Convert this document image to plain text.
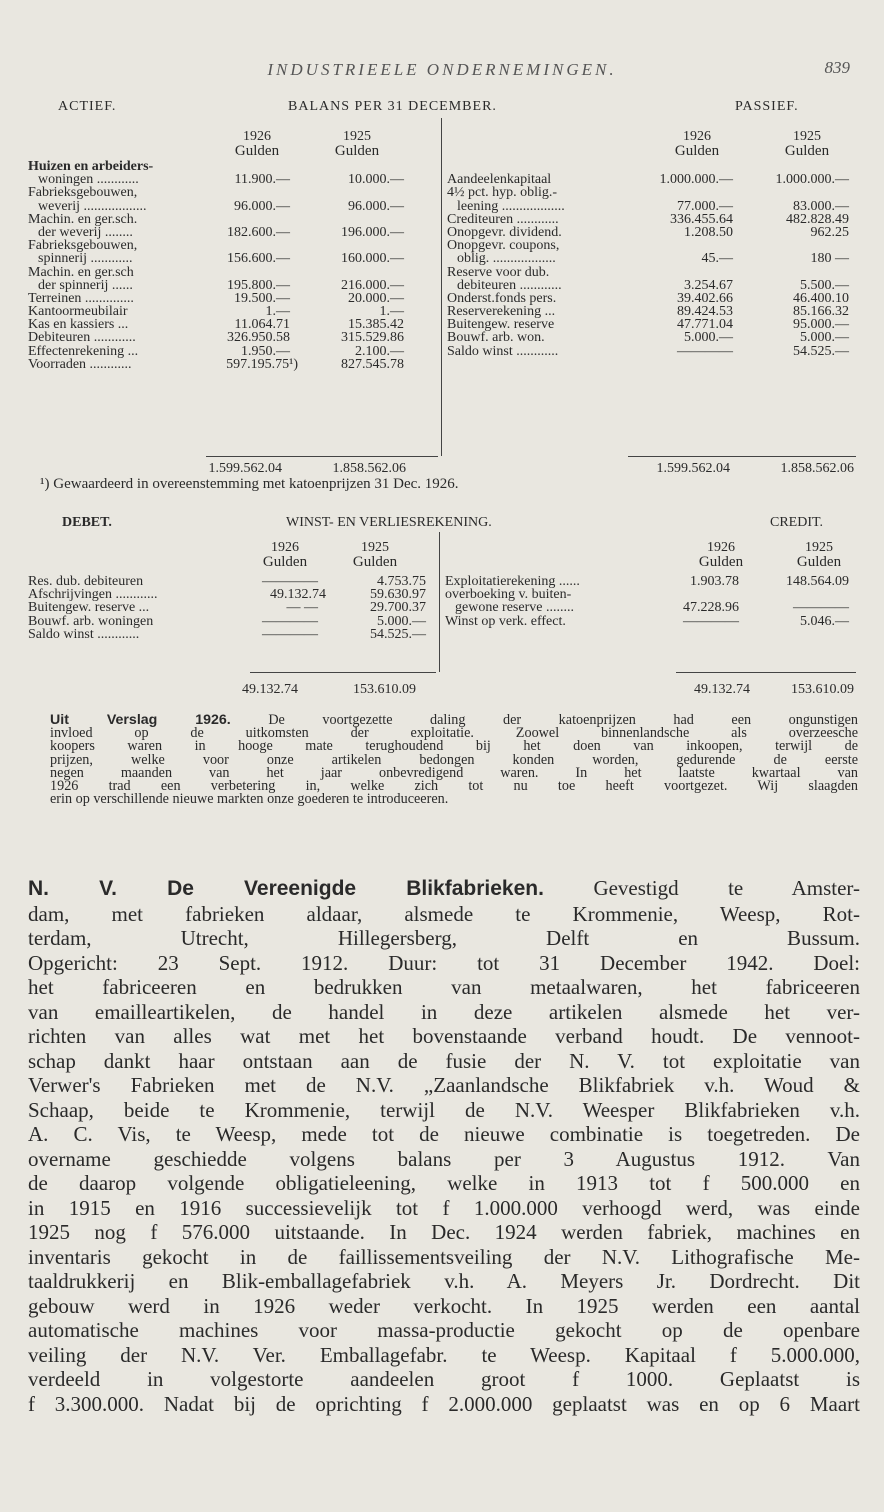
INDUSTRIEELE ONDERNEMINGEN.	839
ACTIEF.	BALANS PER 31 DECEMBER.	PASSIEF.
1926	1925
Gulden	Gulden
1926	1925
Gulden	Gulden
Huizen en arbeiders-
woningen ............	11.900.—	10.000.—
Fabrieksgebouwen,
weverij ..................	96.000.—	96.000.—
Machin. en ger.sch.
der weverij ........	182.600.—	196.000.—
Fabrieksgebouwen,
spinnerij ............	156.600.—	160.000.—
Machin. en ger.sch
der spinnerij ......	195.800.—	216.000.—
Terreinen ..............	19.500.—	20.000.—
Kantoormeubilair	1.—	1.—
Kas en kassiers ...	11.064.71	15.385.42
Debiteuren ............	326.950.58	315.529.86
Effectenrekening ...	1.950.—	2.100.—
Voorraden ............	597.195.75¹)	827.545.78
Aandeelenkapitaal	1.000.000.—	1.000.000.—
4½ pct. hyp. oblig.-
leening ..................	77.000.—	83.000.—
Crediteuren ............	336.455.64	482.828.49
Onopgevr. dividend.	1.208.50	962.25
Onopgevr. coupons,
oblig. ..................	45.—	180 —
Reserve voor dub.
debiteuren ............	3.254.67	5.500.—
Onderst.fonds pers.	39.402.66	46.400.10
Reserverekening ...	89.424.53	85.166.32
Buitengew. reserve	47.771.04	95.000.—
Bouwf. arb. won.	5.000.—	5.000.—
Saldo winst ............	————	54.525.—
1.599.562.04	1.858.562.06	1.599.562.04	1.858.562.06
¹) Gewaardeerd in overeenstemming met katoenprijzen 31 Dec. 1926.
DEBET.	WINST- EN VERLIESREKENING.	CREDIT.
1926	1925
Gulden	Gulden
1926	1925
Gulden	Gulden
Res. dub. debiteuren	————	4.753.75
Afschrijvingen ............	49.132.74	59.630.97
Buitengew. reserve ...	— —	29.700.37
Bouwf. arb. woningen	————	5.000.—
Saldo winst ............	————	54.525.—
Exploitatierekening ......	1.903.78	148.564.09
overboeking v. buiten-
gewone reserve ........	47.228.96	————
Winst op verk. effect.	————	5.046.—
49.132.74	153.610.09	49.132.74	153.610.09
Uit Verslag 1926.	De voortgezette daling der katoenprijzen had een ongunstigen
invloed op de uitkomsten der exploitatie. Zoowel binnenlandsche als overzeesche
koopers waren in hooge mate terughoudend bij het doen van inkoopen, terwijl de
prijzen, welke voor onze artikelen bedongen konden worden, gedurende de eerste
negen maanden van het jaar onbevredigend waren. In het laatste kwartaal van
1926 trad een verbetering in, welke zich tot nu toe heeft voortgezet. Wij slaagden
erin op verschillende nieuwe markten onze goederen te introduceeren.
N. V. De Vereenigde Blikfabrieken. Gevestigd te Amster-
dam, met fabrieken aldaar, alsmede te Krommenie, Weesp, Rot-
terdam, Utrecht, Hillegersberg, Delft en Bussum.
Opgericht: 23 Sept. 1912. Duur: tot 31 December 1942. Doel:
het fabriceeren en bedrukken van metaalwaren, het fabriceeren
van emailleartikelen, de handel in deze artikelen alsmede het ver-
richten van alles wat met het bovenstaande verband houdt. De vennoot-
schap dankt haar ontstaan aan de fusie der N. V. tot exploitatie van
Verwer's Fabrieken met de N.V. „Zaanlandsche Blikfabriek v.h. Woud &
Schaap, beide te Krommenie, terwijl de N.V. Weesper Blikfabrieken v.h.
A. C. Vis, te Weesp, mede tot de nieuwe combinatie is toegetreden. De
overname geschiedde volgens balans per 3 Augustus 1912. Van
de daarop volgende obligatieleening, welke in 1913 tot f 500.000 en
in 1915 en 1916 successievelijk tot f 1.000.000 verhoogd werd, was einde
1925 nog f 576.000 uitstaande. In Dec. 1924 werden fabriek, machines en
inventaris gekocht in de faillissementsveiling der N.V. Lithografische Me-
taaldrukkerij en Blik-emballagefabriek v.h. A. Meyers Jr. Dordrecht. Dit
gebouw werd in 1926 weder verkocht. In 1925 werden een aantal
automatische machines voor massa-productie gekocht op de openbare
veiling der N.V. Ver. Emballagefabr. te Weesp. Kapitaal f 5.000.000,
verdeeld in volgestorte aandeelen groot f 1000. Geplaatst is
f 3.300.000. Nadat bij de oprichting f 2.000.000 geplaatst was en op 6 Maart
